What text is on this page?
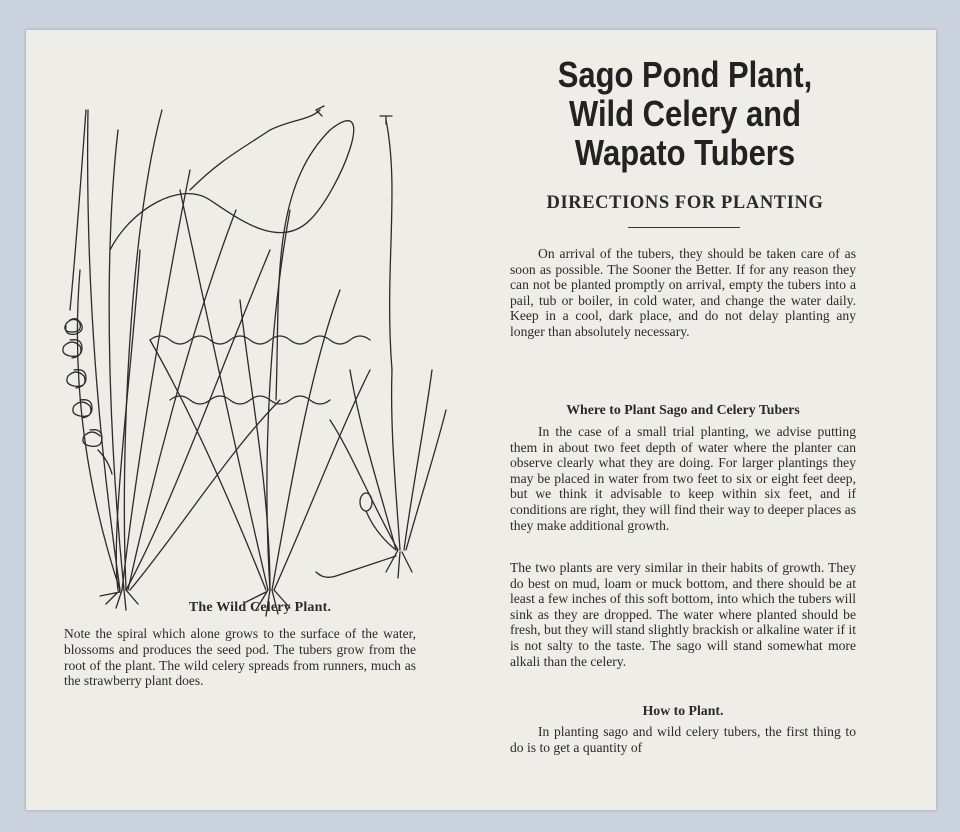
The Wild Celery Plant.
Note the spiral which alone grows to the surface of the water, blossoms and produces the seed pod. The tubers grow from the root of the plant. The wild celery spreads from runners, much as the strawberry plant does.
Sago Pond Plant,
Wild Celery and
Wapato Tubers
DIRECTIONS FOR PLANTING

On arrival of the tubers, they should be taken care of as soon as possible. The Sooner the Better. If for any reason they can not be planted promptly on arrival, empty the tubers into a pail, tub or boiler, in cold water, and change the water daily. Keep in a cool, dark place, and do not delay planting any longer than absolutely necessary.

Where to Plant Sago and Celery Tubers

In the case of a small trial planting, we advise putting them in about two feet depth of water where the planter can observe clearly what they are doing. For larger plantings they may be placed in water from two feet to six or eight feet deep, but we think it advisable to keep within six feet, and if conditions are right, they will find their way to deeper places as they make additional growth.

The two plants are very similar in their habits of growth. They do best on mud, loam or muck bottom, and there should be at least a few inches of this soft bottom, into which the tubers will sink as they are dropped. The water where planted should be fresh, but they will stand slightly brackish or alkaline water if it is not salty to the taste. The sago will stand somewhat more alkali than the celery.

How to Plant.

In planting sago and wild celery tubers, the first thing to do is to get a quantity of
